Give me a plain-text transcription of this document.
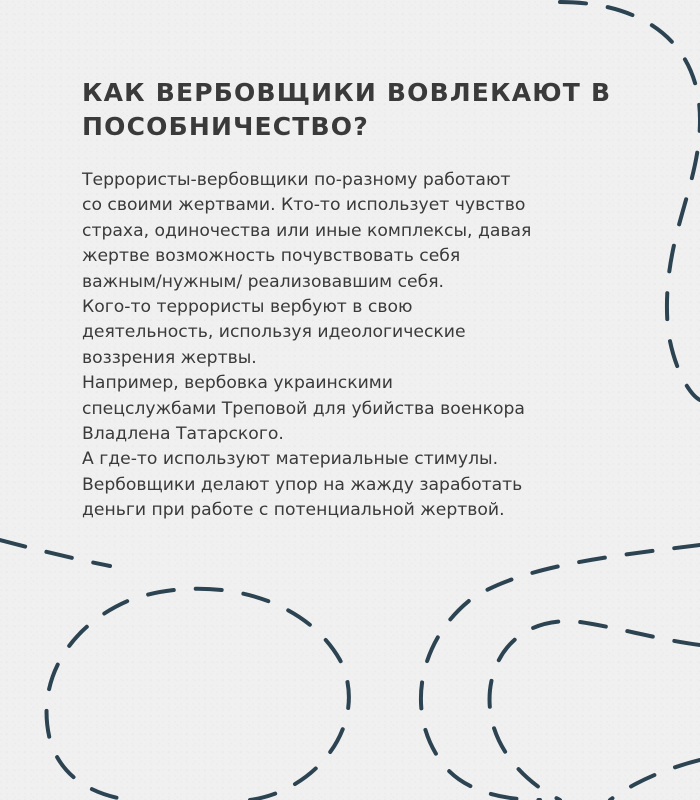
КАК ВЕРБОВЩИКИ ВОВЛЕКАЮТ В ПОСОБНИЧЕСТВО?

Террористы-вербовщики по-разному работают
со своими жертвами. Кто-то использует чувство
страха, одиночества или иные комплексы, давая
жертве возможность почувствовать себя
важным/нужным/ реализовавшим себя.
Кого-то террористы вербуют в свою
деятельность, используя идеологические
воззрения жертвы.
Например, вербовка украинскими
спецслужбами Треповой для убийства военкора
Владлена Татарского.
А где-то используют материальные стимулы.
Вербовщики делают упор на жажду заработать
деньги при работе с потенциальной жертвой.
